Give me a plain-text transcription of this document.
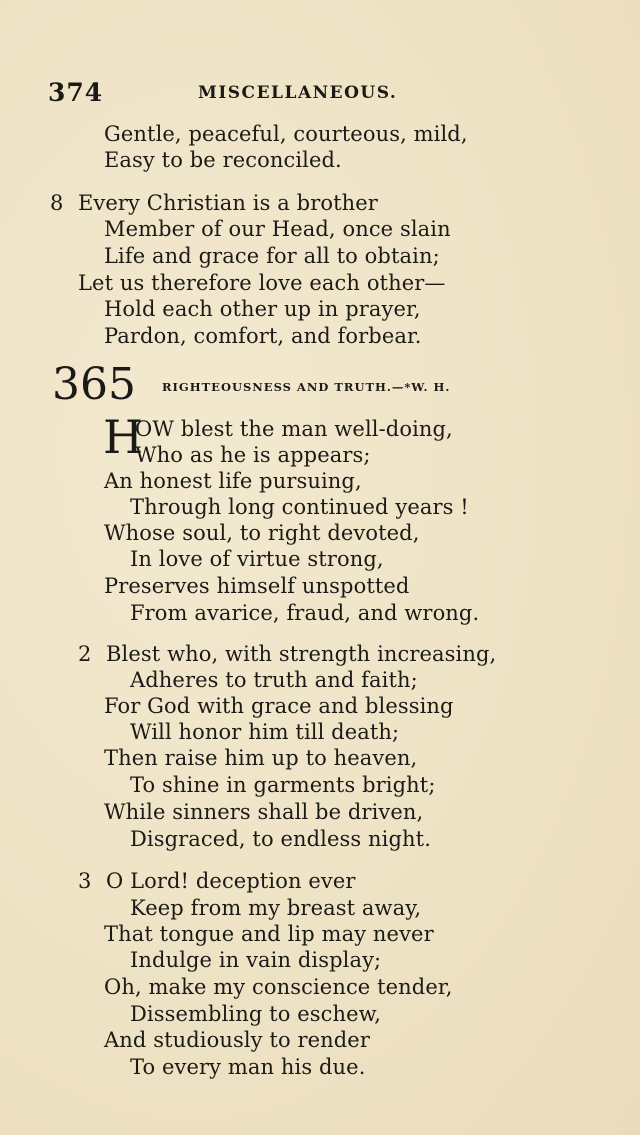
374	MISCELLANEOUS.
Gentle, peaceful, courteous, mild,
Easy to be reconciled.
8 Every Christian is a brother
Member of our Head, once slain
Life and grace for all to obtain;
Let us therefore love each other—
Hold each other up in prayer,
Pardon, comfort, and forbear.
365 RIGHTEOUSNESS AND TRUTH.—*W. H.
H
OW blest the man well-doing,
Who as he is appears;
An honest life pursuing,
Through long continued years !
Whose soul, to right devoted,
In love of virtue strong,
Preserves himself unspotted
From avarice, fraud, and wrong.
2 Blest who, with strength increasing,
Adheres to truth and faith;
For God with grace and blessing
Will honor him till death;
Then raise him up to heaven,
To shine in garments bright;
While sinners shall be driven,
Disgraced, to endless night.
3 O Lord! deception ever
Keep from my breast away,
That tongue and lip may never
Indulge in vain display;
Oh, make my conscience tender,
Dissembling to eschew,
And studiously to render
To every man his due.
